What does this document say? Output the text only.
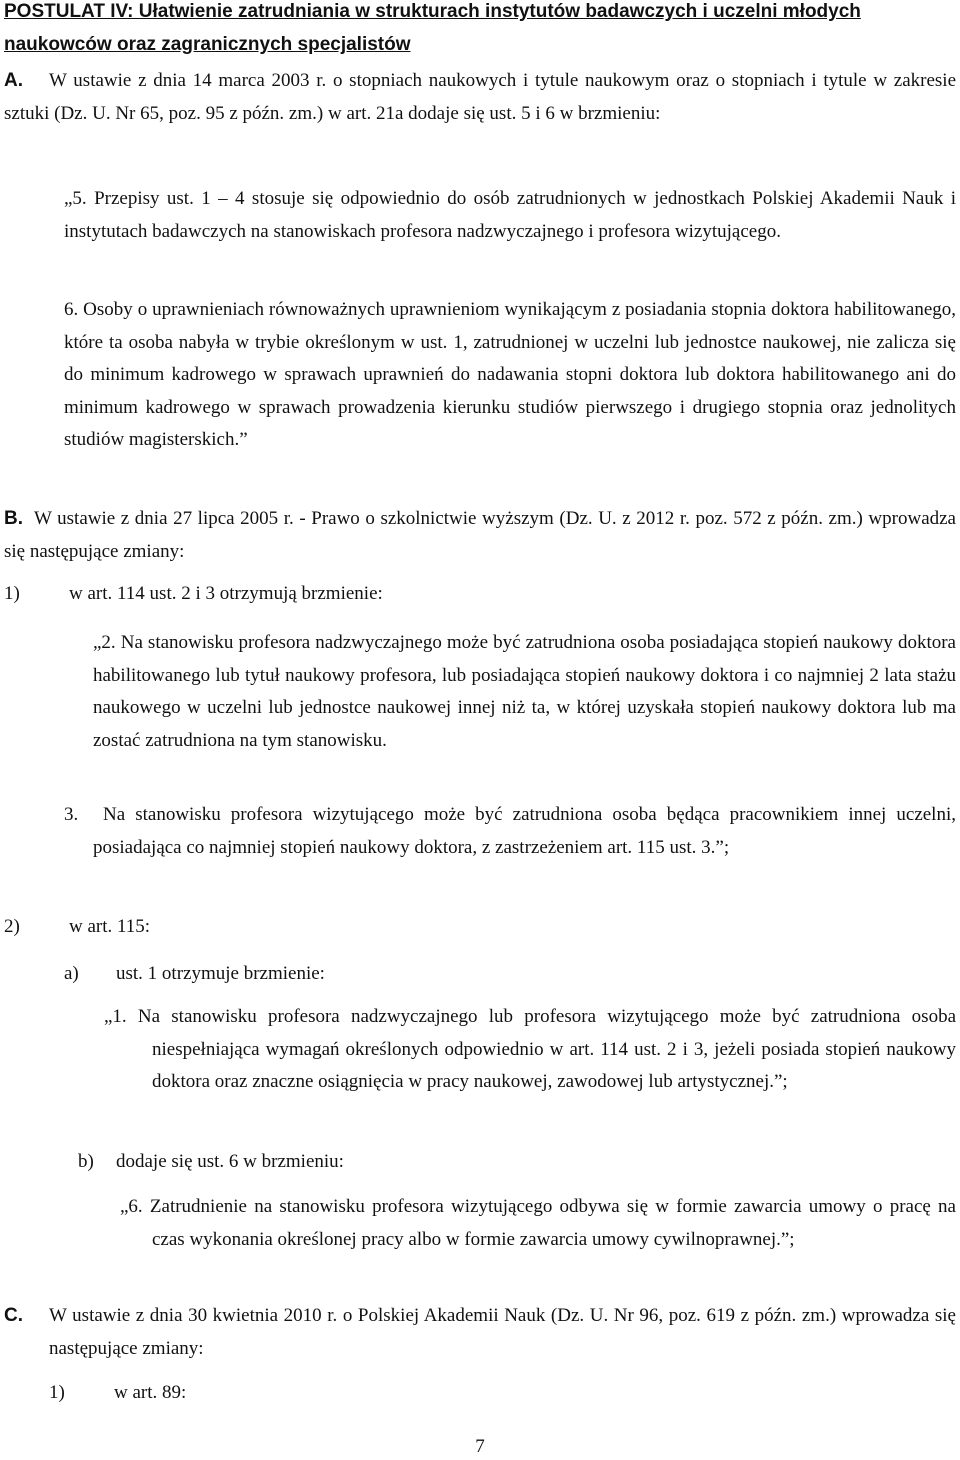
POSTULAT IV: Ułatwienie zatrudniania w strukturach instytutów badawczych i uczelni młodych naukowców oraz zagranicznych specjalistów
A.	W ustawie z dnia 14 marca 2003 r. o stopniach naukowych i tytule naukowym oraz o stopniach i tytule w zakresie sztuki (Dz. U. Nr 65, poz. 95 z późn. zm.) w art. 21a dodaje się ust. 5 i 6 w brzmieniu:

„5. Przepisy ust. 1 – 4 stosuje się odpowiednio do osób zatrudnionych w jednostkach Polskiej Akademii Nauk i instytutach badawczych na stanowiskach profesora nadzwyczajnego i profesora wizytującego.

6. Osoby o uprawnieniach równoważnych uprawnieniom wynikającym z posiadania stopnia doktora habilitowanego, które ta osoba nabyła w trybie określonym w ust. 1, zatrudnionej w uczelni lub jednostce naukowej, nie zalicza się do minimum kadrowego w sprawach uprawnień do nadawania stopni doktora lub doktora habilitowanego ani do minimum kadrowego w sprawach prowadzenia kierunku studiów pierwszego i drugiego stopnia oraz jednolitych studiów magisterskich.”

B. W ustawie z dnia 27 lipca 2005 r. - Prawo o szkolnictwie wyższym (Dz. U. z 2012 r. poz. 572 z późn. zm.) wprowadza się następujące zmiany:

1)	w art. 114 ust. 2 i 3 otrzymują brzmienie:

„2. Na stanowisku profesora nadzwyczajnego może być zatrudniona osoba posiadająca stopień naukowy doktora habilitowanego lub tytuł naukowy profesora, lub posiadająca stopień naukowy doktora i co najmniej 2 lata stażu naukowego w uczelni lub jednostce naukowej innej niż ta, w której uzyskała stopień naukowy doktora lub ma zostać zatrudniona na tym stanowisku.

3.	Na stanowisku profesora wizytującego może być zatrudniona osoba będąca pracownikiem innej uczelni, posiadająca co najmniej stopień naukowy doktora, z zastrzeżeniem art. 115 ust. 3.”;

2)	w art. 115:

a) ust. 1 otrzymuje brzmienie:

„1. Na stanowisku profesora nadzwyczajnego lub profesora wizytującego może być zatrudniona osoba niespełniająca wymagań określonych odpowiednio w art. 114 ust. 2 i 3, jeżeli posiada stopień naukowy doktora oraz znaczne osiągnięcia w pracy naukowej, zawodowej lub artystycznej.”;

b) dodaje się ust. 6 w brzmieniu:

„6. Zatrudnienie na stanowisku profesora wizytującego odbywa się w formie zawarcia umowy o pracę na czas wykonania określonej pracy albo w formie zawarcia umowy cywilnoprawnej.”;

C.	W ustawie z dnia 30 kwietnia 2010 r. o Polskiej Akademii Nauk (Dz. U. Nr 96, poz. 619 z późn. zm.) wprowadza się następujące zmiany:

1)	w art. 89:

7
